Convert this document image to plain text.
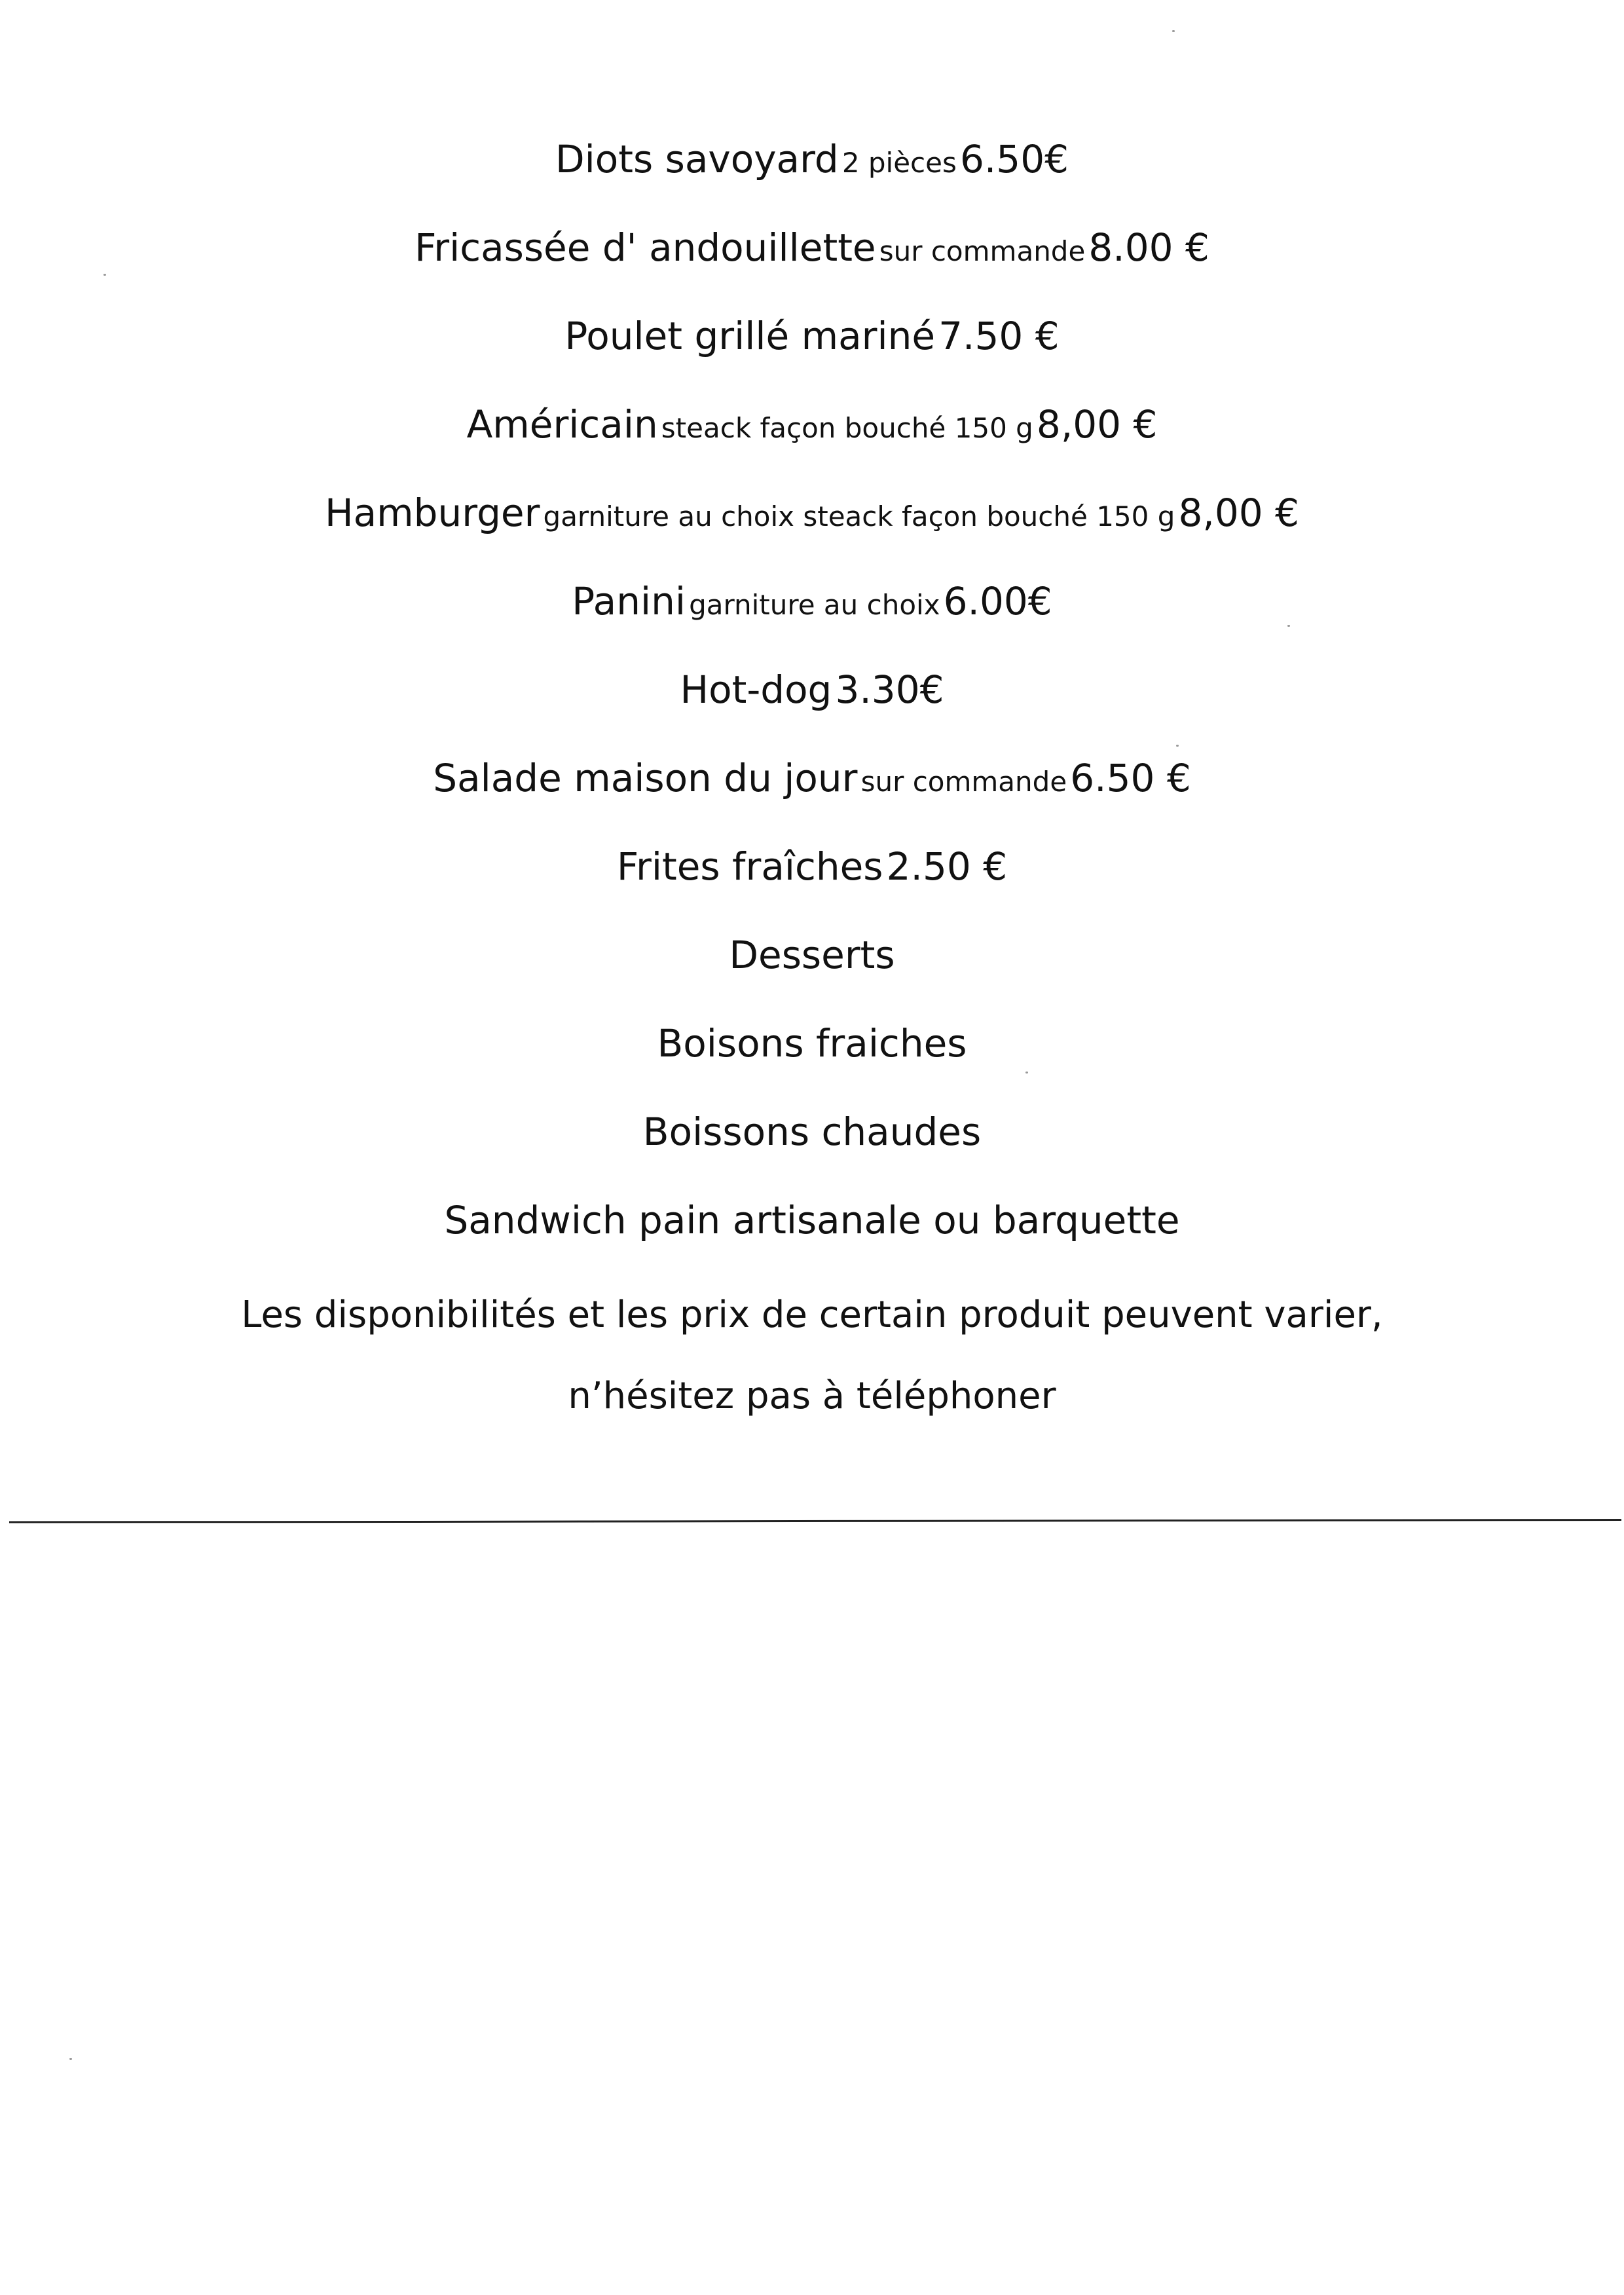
Diots savoyard 2 pièces 6.50€
Fricassée d' andouillette sur commande 8.00 €
Poulet grillé mariné 7.50 €
Américain steack façon bouché 150 g 8,00 €
Hamburger garniture au choix steack façon bouché 150 g 8,00 €
Panini garniture au choix 6.00€
Hot-dog 3.30€
Salade maison du jour sur commande 6.50 €
Frites fraîches 2.50 €
Desserts
Boisons fraiches
Boissons chaudes
Sandwich pain artisanale ou barquette
Les disponibilités et les prix de certain produit peuvent varier,
n’hésitez pas à téléphoner
